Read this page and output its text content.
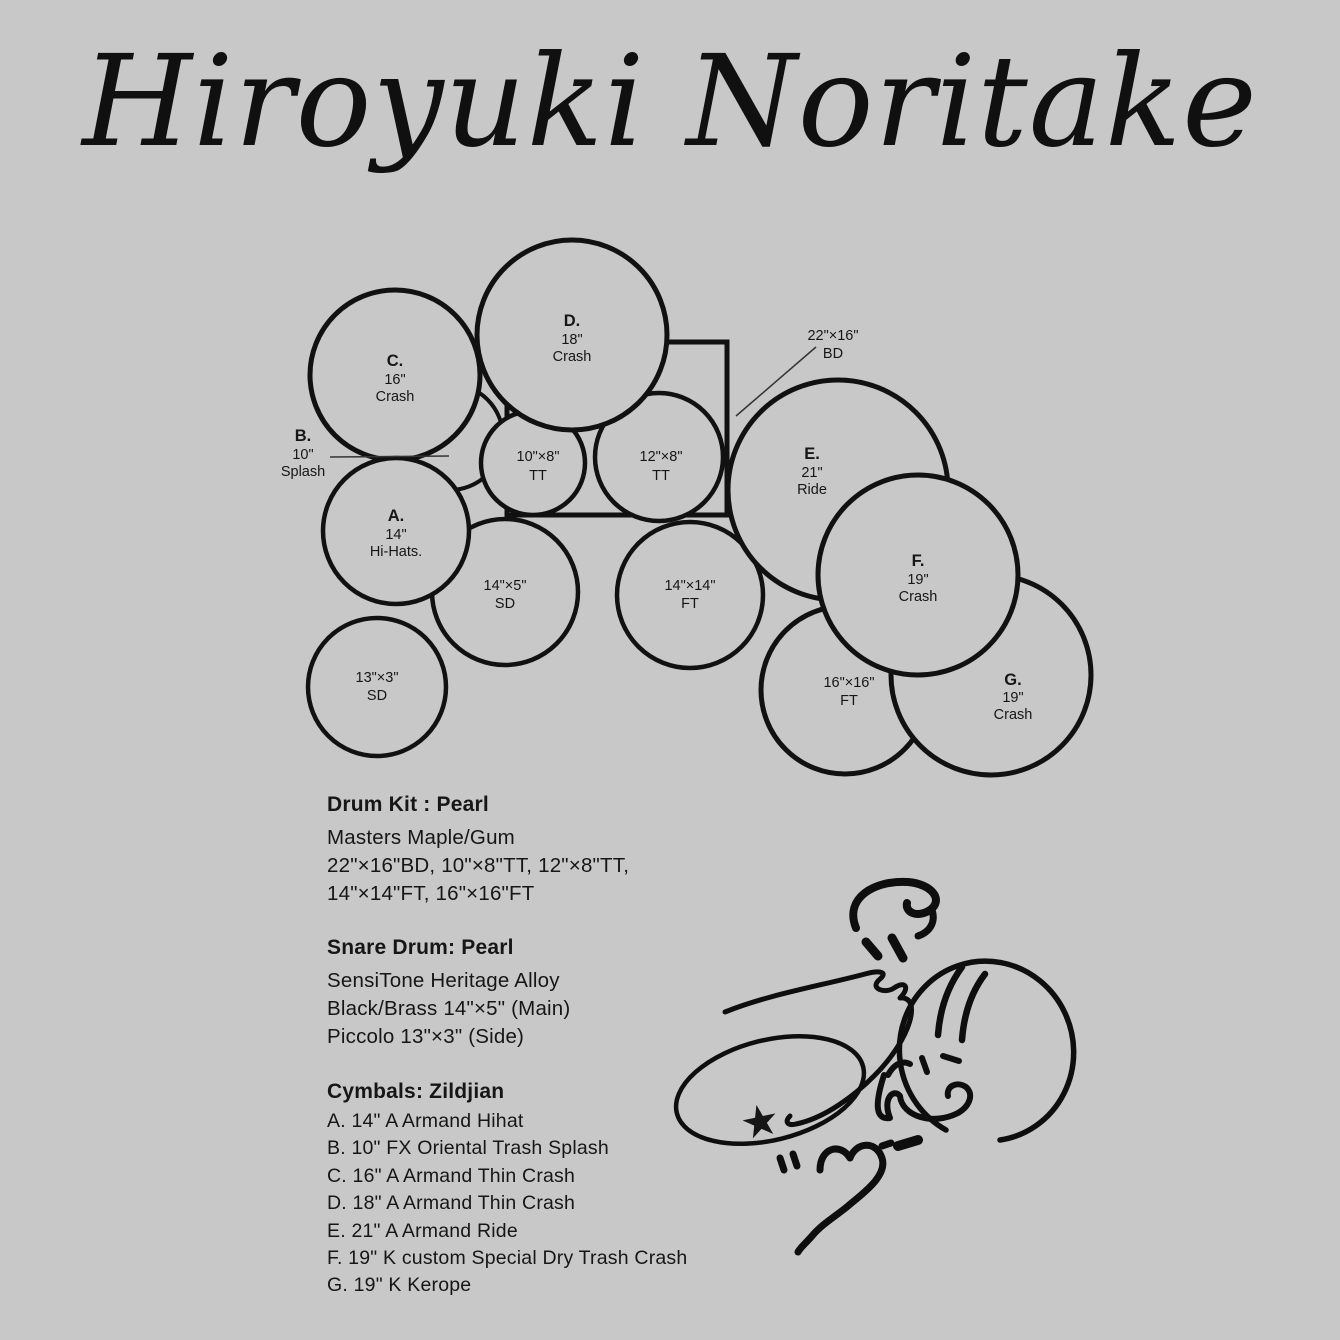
Hiroyuki Noritake
C.
16"
Crash
D.
18"
Crash
B.
10"
Splash
A.
14"
Hi-Hats.
10"×8"
TT
12"×8"
TT
22"×16"
BD
E.
21"
Ride
F.
19"
Crash
G.
19"
Crash
14"×5"
SD
14"×14"
FT
16"×16"
FT
13"×3"
SD
Drum Kit : Pearl
Masters Maple/Gum
22"×16"BD, 10"×8"TT, 12"×8"TT,
14"×14"FT, 16"×16"FT
Snare Drum: Pearl
SensiTone Heritage Alloy
Black/Brass 14"×5" (Main)
Piccolo 13"×3" (Side)
Cymbals: Zildjian
A. 14" A Armand Hihat
B. 10" FX Oriental Trash Splash
C. 16" A Armand Thin Crash
D. 18" A Armand Thin Crash
E. 21" A Armand Ride
F. 19" K custom Special Dry Trash Crash
G. 19" K Kerope
★
